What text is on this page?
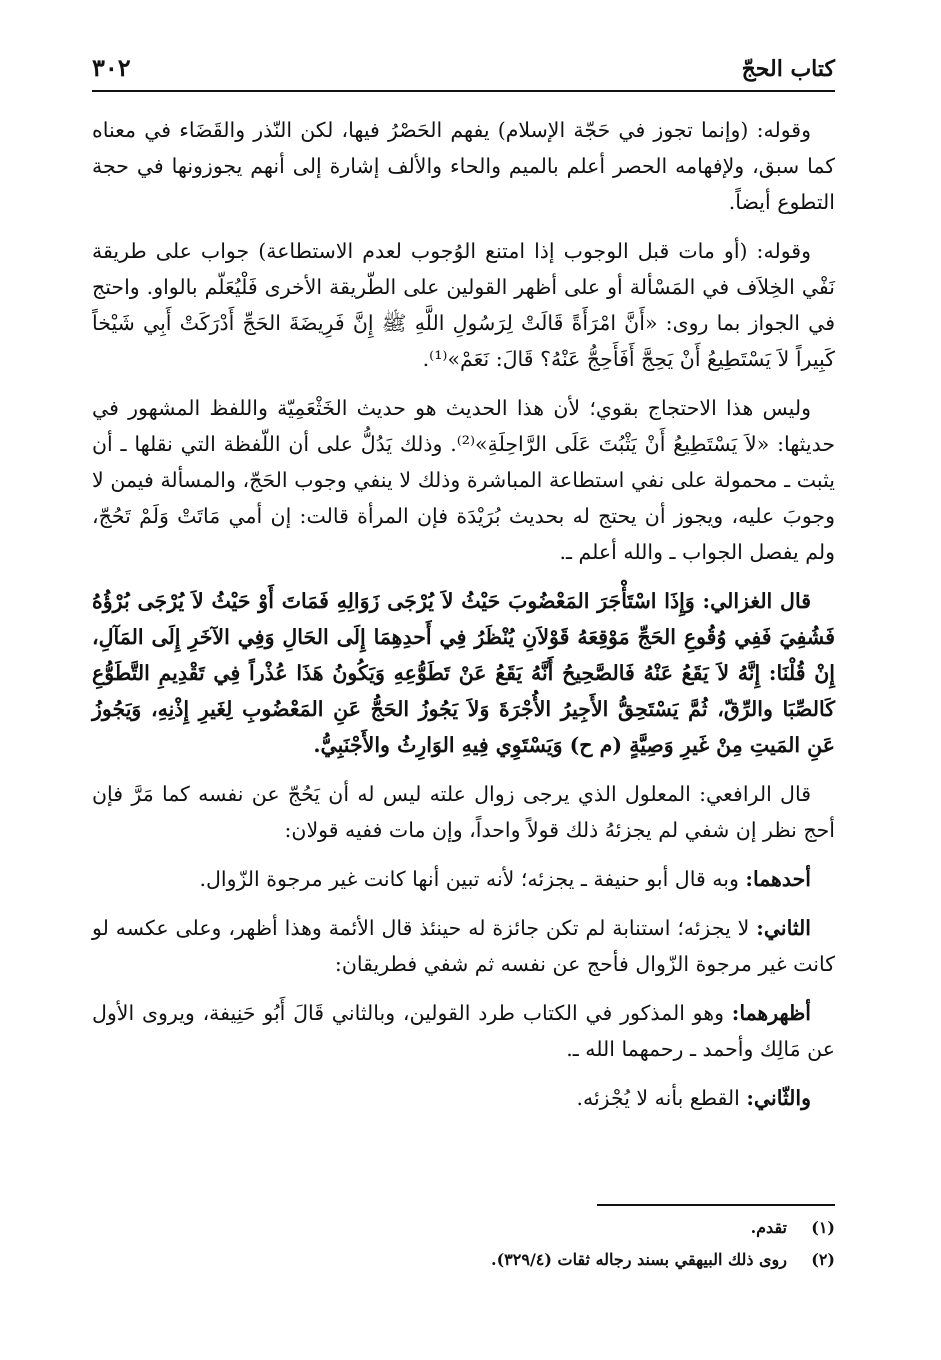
كتاب الحجّ
٣٠٢

وقوله: (وإنما تجوز في حَجّة الإسلام) يفهم الحَصْرُ فيها، لكن النّذر والقَضَاء في معناه كما سبق، ولإفهامه الحصر أعلم بالميم والحاء والألف إشارة إلى أنهم يجوزونها في حجة التطوع أيضاً.

وقوله: (أو مات قبل الوجوب إذا امتنع الوُجوب لعدم الاستطاعة) جواب على طريقة نَفْي الخِلاَف في المَسْألة أو على أظهر القولين على الطّريقة الأخرى فَلْيُعَلّم بالواو. واحتج في الجواز بما روى: «أَنَّ امْرَأَةً قَالَتْ لِرَسُولِ اللَّهِ ﷺ إِنَّ فَرِيضَةَ الحَجِّ أَدْرَكَتْ أَبِي شَيْخاً كَبِيراً لاَ يَسْتَطِيعُ أَنْ يَحِجَّ أَفَأَحِجُّ عَنْهُ؟ قَالَ: نَعَمْ»⁽¹⁾.

وليس هذا الاحتجاج بقوي؛ لأن هذا الحديث هو حديث الخَثْعَمِيّة واللفظ المشهور في حديثها: «لاَ يَسْتَطِيعُ أَنْ يَثْبُتَ عَلَى الرَّاحِلَةِ»⁽²⁾. وذلك يَدُلُّ على أن اللّفظة التي نقلها ـ أن يثبت ـ محمولة على نفي استطاعة المباشرة وذلك لا ينفي وجوب الحَجّ، والمسألة فيمن لا وجوبَ عليه، ويجوز أن يحتج له بحديث بُرَيْدَة فإن المرأة قالت: إن أمي مَاتَتْ وَلَمْ تَحُجّ، ولم يفصل الجواب ـ والله أعلم ـ.

قال الغزالي: وَإِذَا اسْتَأْجَرَ المَعْضُوبَ حَيْثُ لاَ يُرْجَى زَوَالِهِ فَمَاتَ أَوْ حَيْثُ لاَ يُرْجَى بُرْؤُهُ فَشُفِيَ فَفِي وُقُوعِ الحَجِّ مَوْقِعَهُ قَوْلاَنِ يُنْظَرُ فِي أَحدِهِمَا إِلَى الحَالِ وَفِي الآخَرِ إِلَى المَآلِ، إِنْ قُلْنَا: إِنَّهُ لاَ يَقَعُ عَنْهُ فَالصَّحِيحُ أَنَّهُ يَقَعُ عَنْ تَطَوُّعِهِ وَيَكُونُ هَذَا عُذْراً فِي تَقْدِيمِ التَّطَوُّعِ كَالصِّبَا والرِّقّ، ثُمَّ يَسْتَحِقُّ الأَجِيرُ الأُجْرَةَ وَلاَ يَجُوزُ الحَجُّ عَنِ المَعْضُوبِ لِغَيرِ إِذْنِهِ، وَيَجُوزُ عَنِ المَيتِ مِنْ غَيرِ وَصِيَّةٍ (م ح) وَيَسْتَوِي فِيهِ الوَارِثُ والأَجْنَبِيُّ.

قال الرافعي: المعلول الذي يرجى زوال علته ليس له أن يَحُجّ عن نفسه كما مَرَّ فإن أحج نظر إن شفي لم يجزئهُ ذلك قولاً واحداً، وإن مات ففيه قولان:

أحدهما: وبه قال أبو حنيفة ـ يجزئه؛ لأنه تبين أنها كانت غير مرجوة الزّوال.

الثاني: لا يجزئه؛ استنابة لم تكن جائزة له حينئذ قال الأئمة وهذا أظهر، وعلى عكسه لو كانت غير مرجوة الزّوال فأحج عن نفسه ثم شفي فطريقان:

أظهرهما: وهو المذكور في الكتاب طرد القولين، وبالثاني قَالَ أَبُو حَنِيفة، ويروى الأول عن مَالِك وأحمد ـ رحمهما الله ـ.

والثّاني: القطع بأنه لا يُجْزئه.

(١)
تقدم.
(٢)
روى ذلك البيهقي بسند رجاله ثقات (٣٢٩/٤).
